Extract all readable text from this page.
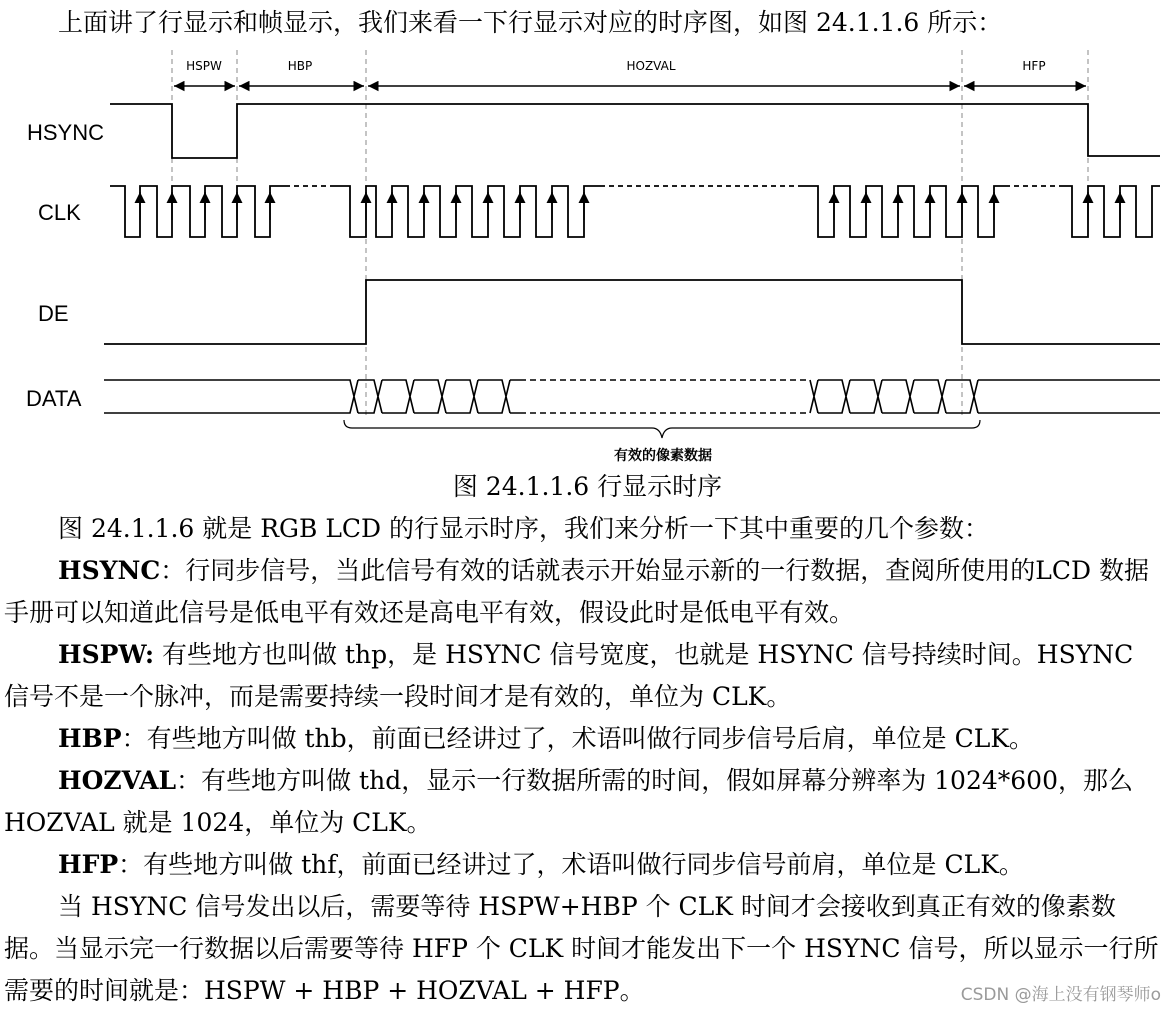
上面讲了行显示和帧显示，我们来看一下行显示对应的时序图，如图 24.1.1.6 所示：

HSPW	HBP	HOZVAL	HFP
HSYNC
CLK
DE
DATA
有效的像素数据
图 24.1.1.6 行显示时序

图 24.1.1.6 就是 RGB LCD 的行显示时序，我们来分析一下其中重要的几个参数：

HSYNC：行同步信号，当此信号有效的话就表示开始显示新的一行数据，查阅所使用的LCD 数据手册可以知道此信号是低电平有效还是高电平有效，假设此时是低电平有效。

HSPW: 有些地方也叫做 thp，是 HSYNC 信号宽度，也就是 HSYNC 信号持续时间。HSYNC 信号不是一个脉冲，而是需要持续一段时间才是有效的，单位为 CLK。

HBP：有些地方叫做 thb，前面已经讲过了，术语叫做行同步信号后肩，单位是 CLK。

HOZVAL：有些地方叫做 thd，显示一行数据所需的时间，假如屏幕分辨率为 1024*600，那么 HOZVAL 就是 1024，单位为 CLK。

HFP：有些地方叫做 thf，前面已经讲过了，术语叫做行同步信号前肩，单位是 CLK。

当 HSYNC 信号发出以后，需要等待 HSPW+HBP 个 CLK 时间才会接收到真正有效的像素数据。当显示完一行数据以后需要等待 HFP 个 CLK 时间才能发出下一个 HSYNC 信号，所以显示一行所需要的时间就是：HSPW + HBP + HOZVAL + HFP。	CSDN @海上没有钢琴师o
